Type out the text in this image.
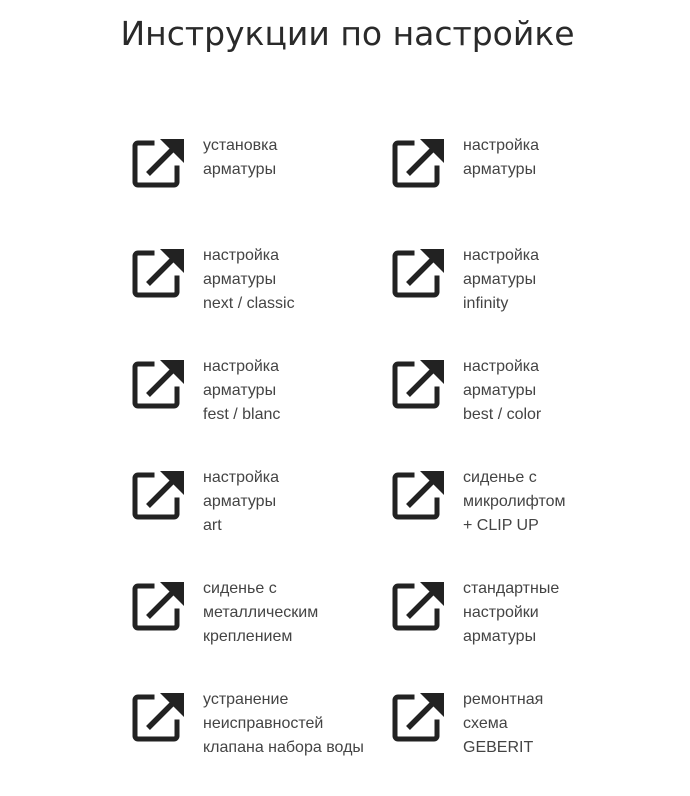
Инструкции по настройке
установка
арматуры
настройка
арматуры
настройка
арматуры
next / classic
настройка
арматуры
infinity
настройка
арматуры
fest / blanc
настройка
арматуры
best / color
настройка
арматуры
art
сиденье с
микролифтом
+ CLIP UP
сиденье с
металлическим
креплением
стандартные
настройки
арматуры
устранение
неисправностей
клапана набора воды
ремонтная
схема
GEBERIT
